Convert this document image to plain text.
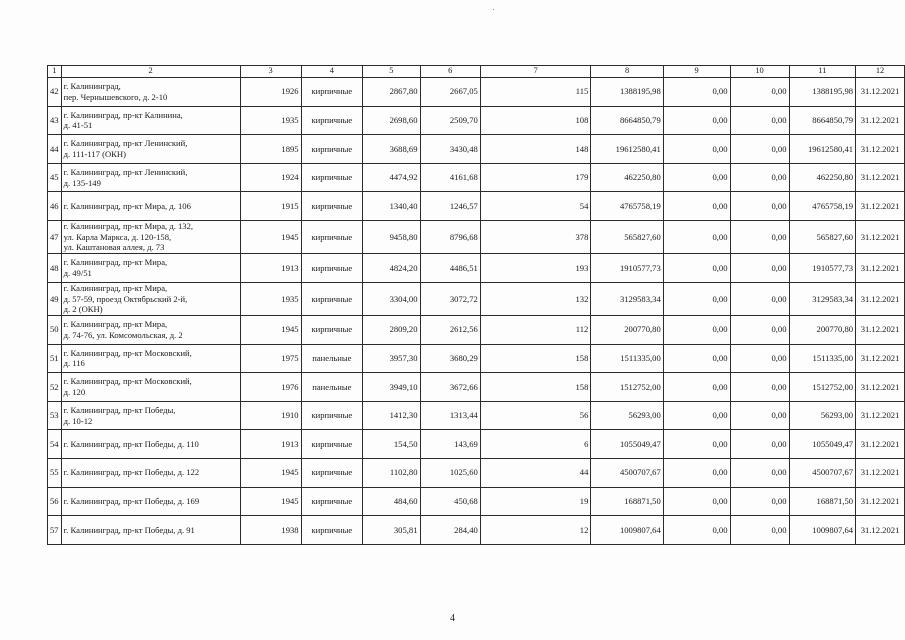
1	2	3	4	5	6	7	8	9	10	11	12
42	г. Калининград,
пер. Чернышевского, д. 2-10	1926	кирпичные	2867,80	2667,05	115	1388195,98	0,00	0,00	1388195,98	31.12.2021
43	г. Калининград, пр-кт Калинина,
д. 41-51	1935	кирпичные	2698,60	2509,70	108	8664850,79	0,00	0,00	8664850,79	31.12.2021
44	г. Калининград, пр-кт Ленинский,
д. 111-117 (ОКН)	1895	кирпичные	3688,69	3430,48	148	19612580,41	0,00	0,00	19612580,41	31.12.2021
45	г. Калининград, пр-кт Ленинский,
д. 135-149	1924	кирпичные	4474,92	4161,68	179	462250,80	0,00	0,00	462250,80	31.12.2021
46	г. Калининград, пр-кт Мира, д. 106	1915	кирпичные	1340,40	1246,57	54	4765758,19	0,00	0,00	4765758,19	31.12.2021
47	г. Калининград, пр-кт Мира, д. 132,
ул. Карла Маркса, д. 120-158,
ул. Каштановая аллея, д. 73	1945	кирпичные	9458,80	8796,68	378	565827,60	0,00	0,00	565827,60	31.12.2021
48	г. Калининград, пр-кт Мира,
д. 49/51	1913	кирпичные	4824,20	4486,51	193	1910577,73	0,00	0,00	1910577,73	31.12.2021
49	г. Калининград, пр-кт Мира,
д. 57-59, проезд Октябрьский 2-й,
д. 2 (ОКН)	1935	кирпичные	3304,00	3072,72	132	3129583,34	0,00	0,00	3129583,34	31.12.2021
50	г. Калининград, пр-кт Мира,
д. 74-76, ул. Комсомольская, д. 2	1945	кирпичные	2809,20	2612,56	112	200770,80	0,00	0,00	200770,80	31.12.2021
51	г. Калининград, пр-кт Московский,
д. 116	1975	панельные	3957,30	3680,29	158	1511335,00	0,00	0,00	1511335,00	31.12.2021
52	г. Калининград, пр-кт Московский,
д. 120	1976	панельные	3949,10	3672,66	158	1512752,00	0,00	0,00	1512752,00	31.12.2021
53	г. Калининград, пр-кт Победы,
д. 10-12	1910	кирпичные	1412,30	1313,44	56	56293,00	0,00	0,00	56293,00	31.12.2021
54	г. Калининград, пр-кт Победы, д. 110	1913	кирпичные	154,50	143,69	6	1055049,47	0,00	0,00	1055049,47	31.12.2021
55	г. Калининград, пр-кт Победы, д. 122	1945	кирпичные	1102,80	1025,60	44	4500707,67	0,00	0,00	4500707,67	31.12.2021
56	г. Калининград, пр-кт Победы, д. 169	1945	кирпичные	484,60	450,68	19	168871,50	0,00	0,00	168871,50	31.12.2021
57	г. Калининград, пр-кт Победы, д. 91	1938	кирпичные	305,81	284,40	12	1009807,64	0,00	0,00	1009807,64	31.12.2021
4
